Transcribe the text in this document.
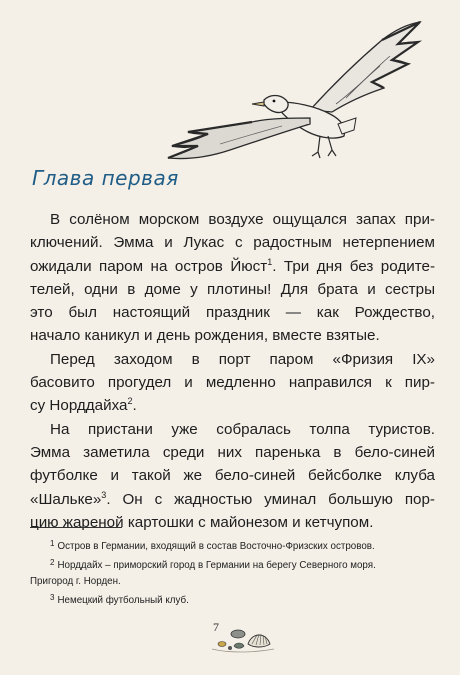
Глава первая

В солёном морском воздухе ощущался запах при-
ключений. Эмма и Лукас с радостным нетерпением
ожидали паром на остров Йюст$^1$. Три дня без родите-
телей, одни в доме у плотины! Для брата и сестры
это был настоящий праздник — как Рождество,
начало каникул и день рождения, вместе взятые.

Перед заходом в порт паром «Фризия IX»
басовито прогудел и медленно направился к пир-
су Норддайха$^2$.

На пристани уже собралась толпа туристов.
Эмма заметила среди них паренька в бело-синей
футболке и такой же бело-синей бейсболке клуба
«Шальке»$^3$. Он с жадностью уминал большую пор-
цию жареной картошки с майонезом и кетчупом.

$^1$ Остров в Германии, входящий в состав Восточно-Фризских островов.
$^2$ Норддайх – приморский город в Германии на берегу Северного моря.
Пригород г. Норден.
$^3$ Немецкий футбольный клуб.
7
